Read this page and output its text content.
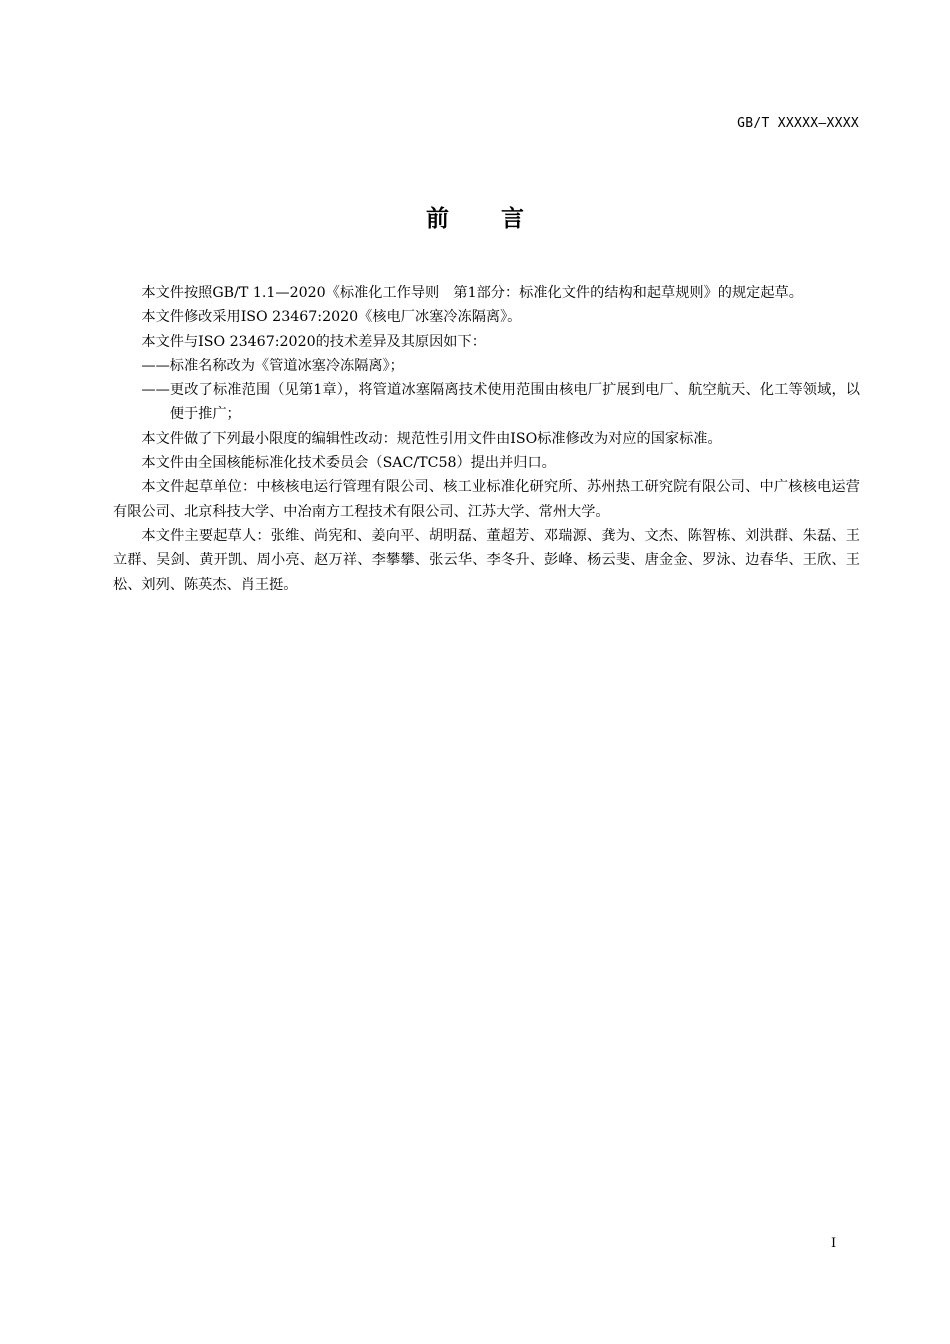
GB/T XXXXX—XXXX
前 言

本文件按照GB/T 1.1—2020《标准化工作导则　第1部分：标准化文件的结构和起草规则》的规定起草。

本文件修改采用ISO 23467:2020《核电厂冰塞冷冻隔离》。

本文件与ISO 23467:2020的技术差异及其原因如下：

——标准名称改为《管道冰塞冷冻隔离》；

——更改了标准范围（见第1章），将管道冰塞隔离技术使用范围由核电厂扩展到电厂、航空航天、化工等领域，以便于推广；

本文件做了下列最小限度的编辑性改动：规范性引用文件由ISO标准修改为对应的国家标准。

本文件由全国核能标准化技术委员会（SAC/TC58）提出并归口。

本文件起草单位：中核核电运行管理有限公司、核工业标准化研究所、苏州热工研究院有限公司、中广核核电运营有限公司、北京科技大学、中冶南方工程技术有限公司、江苏大学、常州大学。

本文件主要起草人：张维、尚宪和、姜向平、胡明磊、董超芳、邓瑞源、龚为、文杰、陈智栋、刘洪群、朱磊、王立群、吴剑、黄开凯、周小亮、赵万祥、李攀攀、张云华、李冬升、彭峰、杨云斐、唐金金、罗泳、边春华、王欣、王松、刘列、陈英杰、肖王挺。

I
